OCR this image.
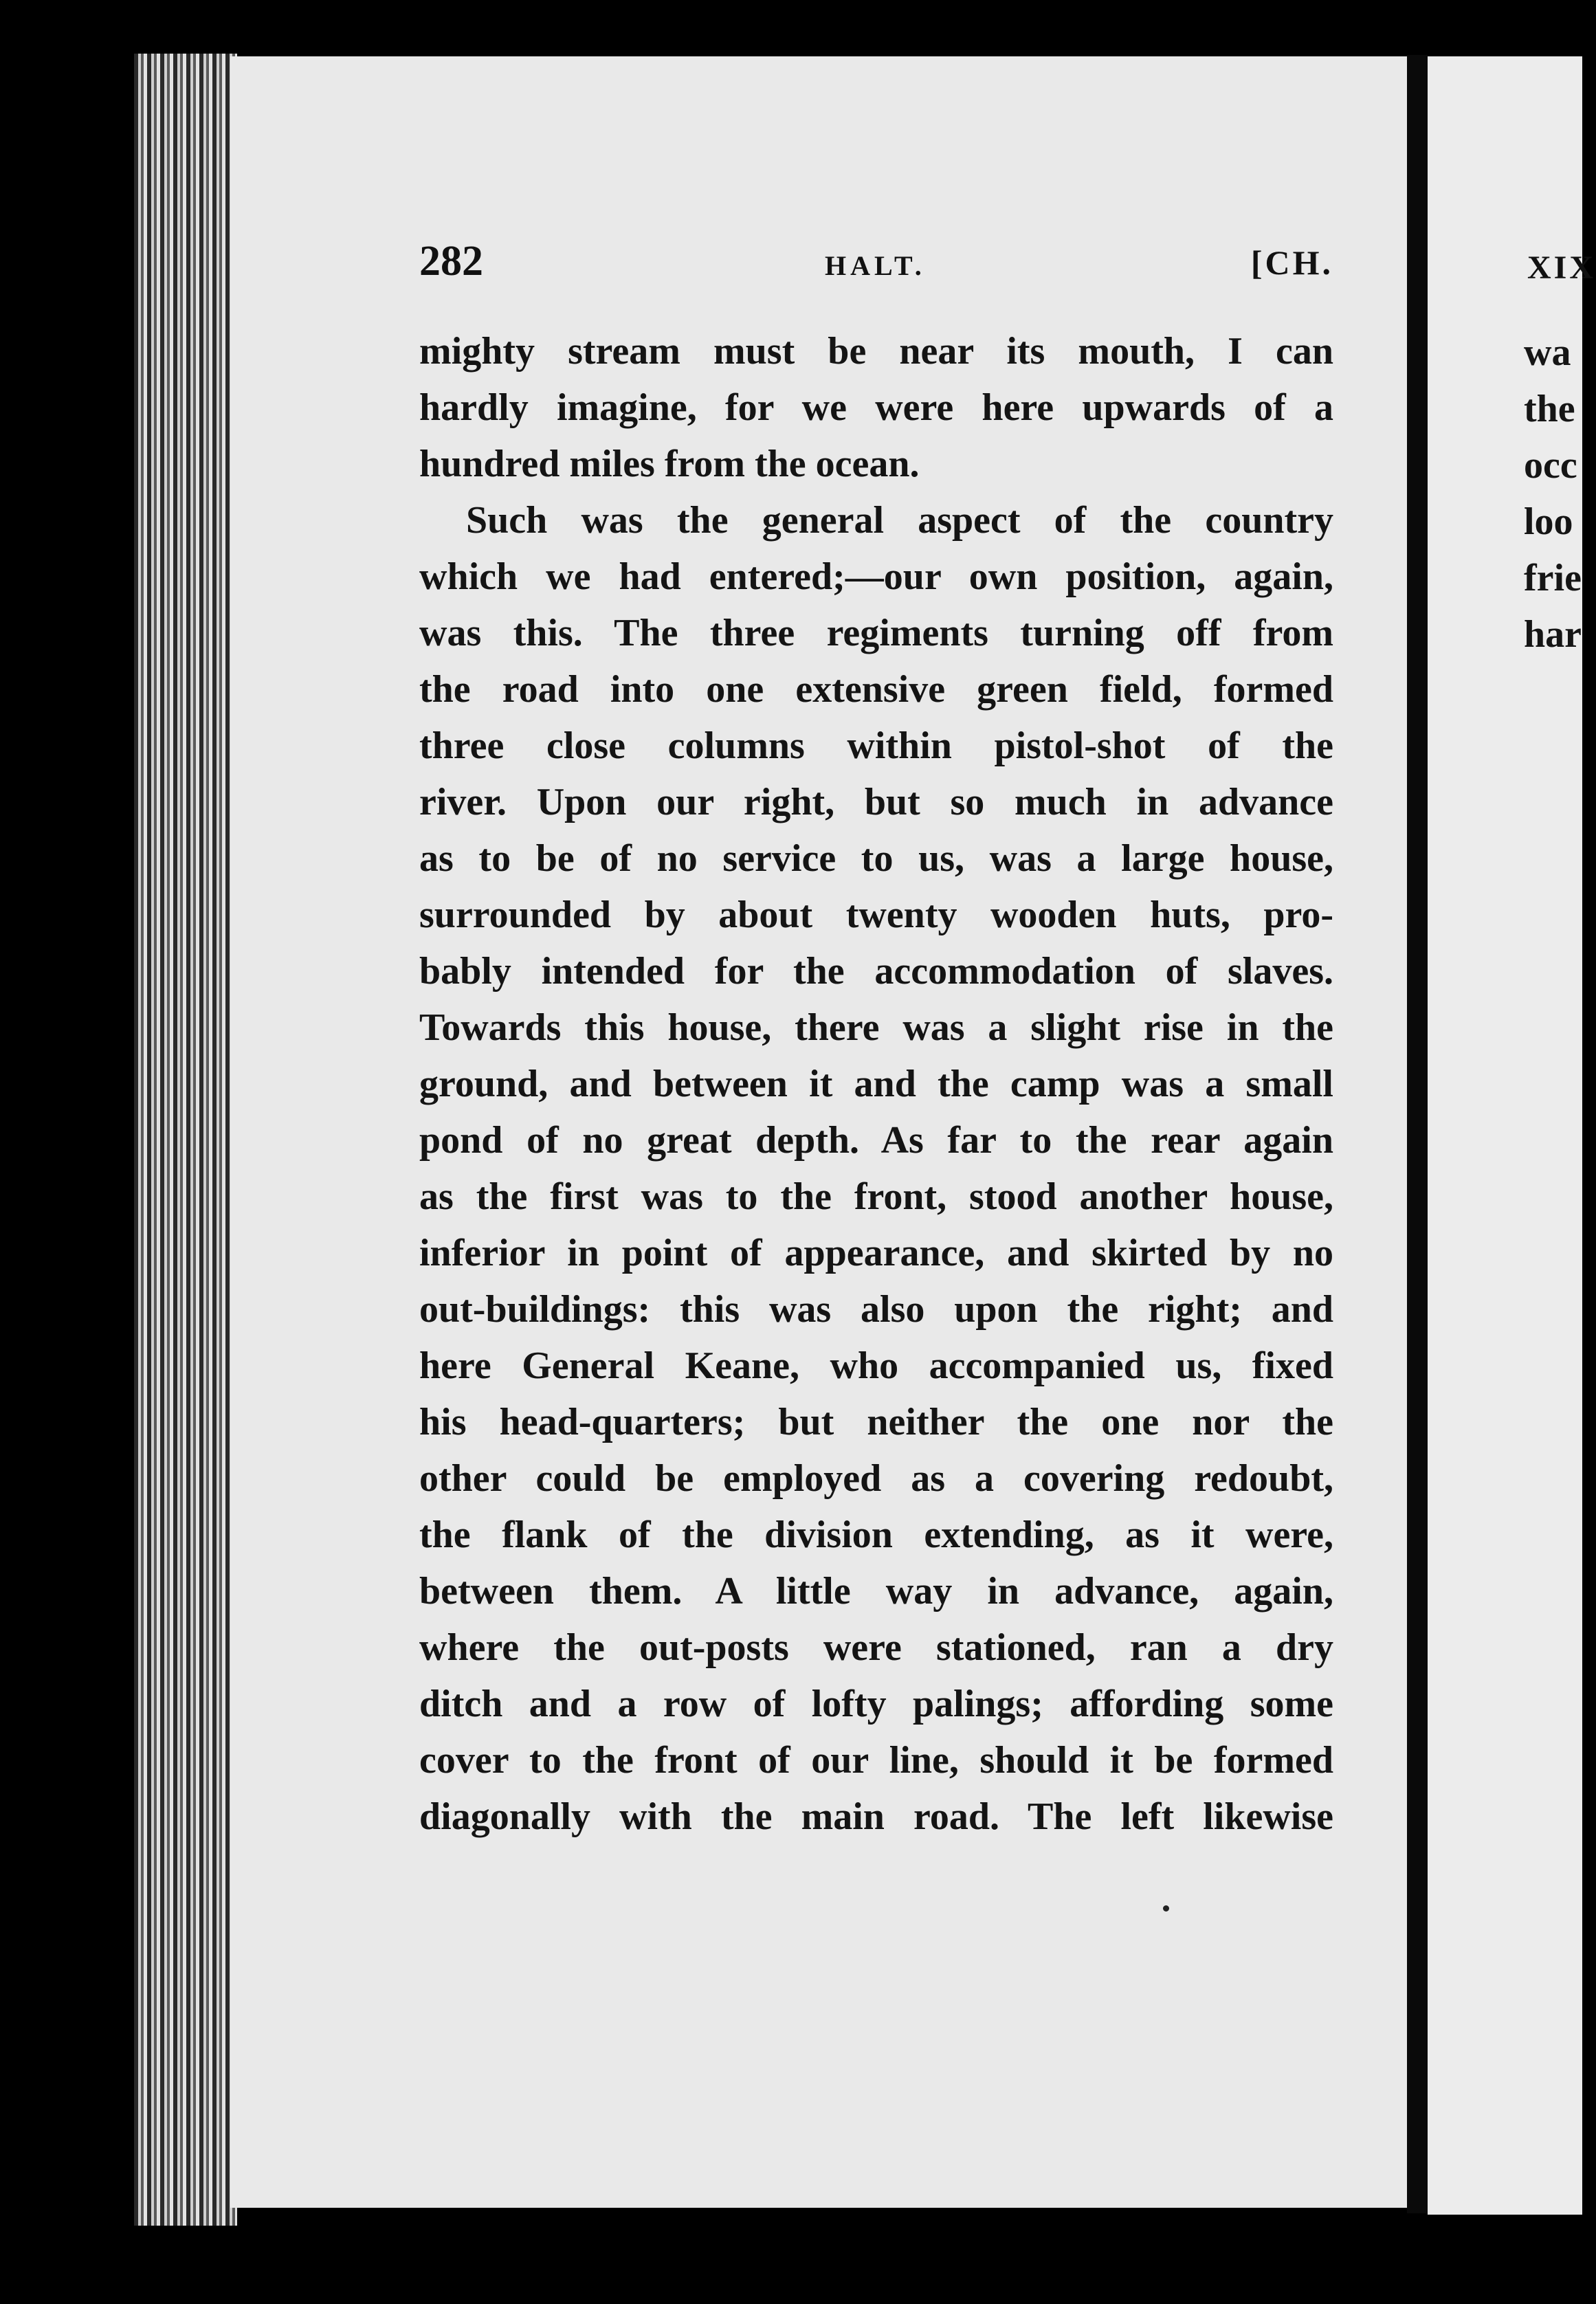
282	HALT.	[CH.
mighty stream must be near its mouth, I can
hardly imagine, for we were here upwards of a
hundred miles from the ocean.
Such was the general aspect of the country
which we had entered;—our own position, again,
was this. The three regiments turning off from
the road into one extensive green field, formed
three close columns within pistol-shot of the
river. Upon our right, but so much in advance
as to be of no service to us, was a large house,
surrounded by about twenty wooden huts, pro-
bably intended for the accommodation of slaves.
Towards this house, there was a slight rise in the
ground, and between it and the camp was a small
pond of no great depth. As far to the rear again
as the first was to the front, stood another house,
inferior in point of appearance, and skirted by no
out-buildings: this was also upon the right; and
here General Keane, who accompanied us, fixed
his head-quarters; but neither the one nor the
other could be employed as a covering redoubt,
the flank of the division extending, as it were,
between them. A little way in advance, again,
where the out-posts were stationed, ran a dry
ditch and a row of lofty palings; affording some
cover to the front of our line, should it be formed
diagonally with the main road. The left likewise
XIX
wa
the
occ
loo
frie
har
